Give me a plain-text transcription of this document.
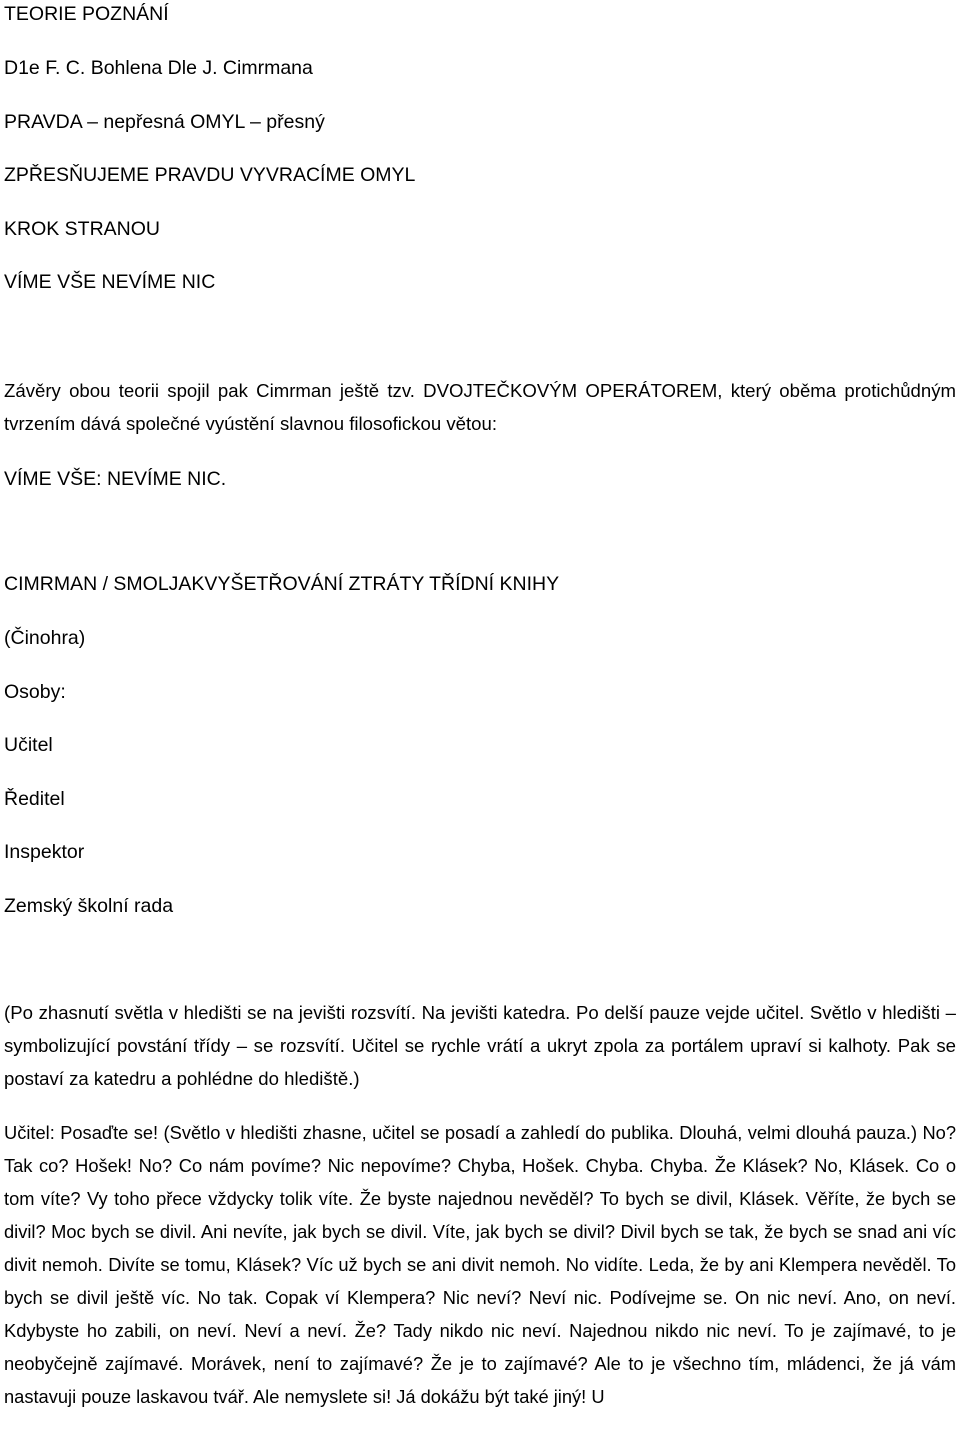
TEORIE POZNÁNÍ
D1e F. C. Bohlena Dle J. Cimrmana
PRAVDA – nepřesná OMYL – přesný
ZPŘESŇUJEME PRAVDU VYVRACÍME OMYL
KROK STRANOU
VÍME VŠE NEVÍME NIC
Závěry obou teorii spojil pak Cimrman ještě tzv. DVOJTEČKOVÝM OPERÁTOREM, který oběma protichůdným tvrzením dává společné vyústění slavnou filosofickou větou:
VÍME VŠE: NEVÍME NIC.
CIMRMAN / SMOLJAKVYŠETŘOVÁNÍ ZTRÁTY TŘÍDNÍ KNIHY
(Činohra)
Osoby:
Učitel
Ředitel
Inspektor
Zemský školní rada
(Po zhasnutí světla v hledišti se na jevišti rozsvítí. Na jevišti katedra. Po delší pauze vejde učitel. Světlo v hledišti – symbolizující povstání třídy – se rozsvítí. Učitel se rychle vrátí a ukryt zpola za portálem upraví si kalhoty. Pak se postaví za katedru a pohlédne do hlediště.)
Učitel: Posaďte se! (Světlo v hledišti zhasne, učitel se posadí a zahledí do publika. Dlouhá, velmi dlouhá pauza.) No? Tak co? Hošek! No? Co nám povíme? Nic nepovíme? Chyba, Hošek. Chyba. Chyba. Že Klásek? No, Klásek. Co o tom víte? Vy toho přece vždycky tolik víte. Že byste najednou nevěděl? To bych se divil, Klásek. Věříte, že bych se divil? Moc bych se divil. Ani nevíte, jak bych se divil. Víte, jak bych se divil? Divil bych se tak, že bych se snad ani víc divit nemoh. Divíte se tomu, Klásek? Víc už bych se ani divit nemoh. No vidíte. Leda, že by ani Klempera nevěděl. To bych se divil ještě víc. No tak. Copak ví Klempera? Nic neví? Neví nic. Podívejme se. On nic neví. Ano, on neví. Kdybyste ho zabili, on neví. Neví a neví. Že? Tady nikdo nic neví. Najednou nikdo nic neví. To je zajímavé, to je neobyčejně zajímavé. Morávek, není to zajímavé? Že je to zajímavé? Ale to je všechno tím, mládenci, že já vám nastavuji pouze laskavou tvář. Ale nemyslete si! Já dokážu být také jiný! U
